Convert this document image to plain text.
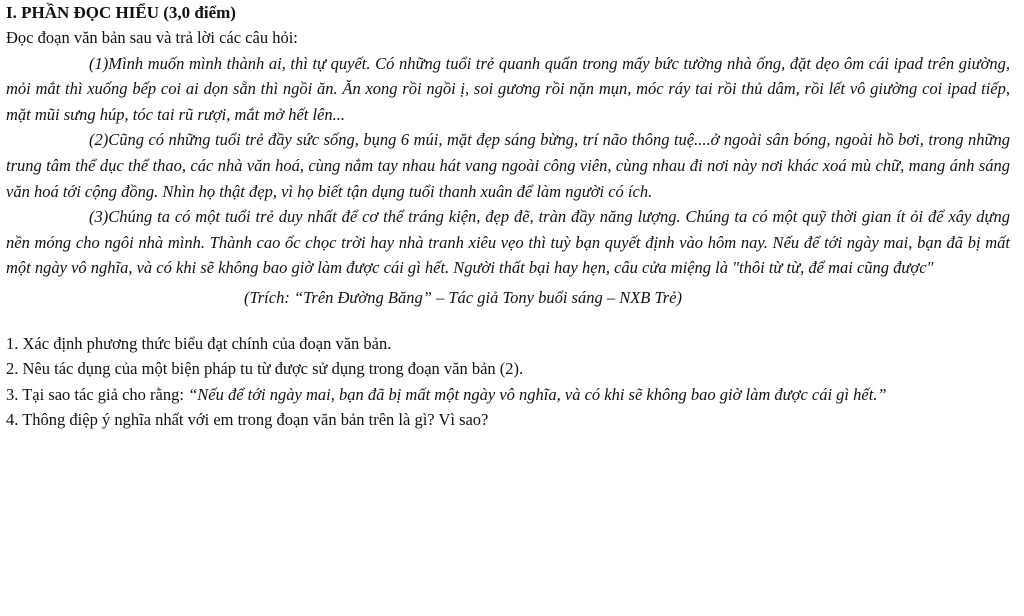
I. PHẦN ĐỌC HIỂU (3,0 điểm)

Đọc đoạn văn bản sau và trả lời các câu hỏi:

(1)Mình muốn mình thành ai, thì tự quyết. Có những tuổi trẻ quanh quẩn trong mấy bức tường nhà ống, đặt dẹo ôm cái ipad trên giường, mỏi mắt thì xuống bếp coi ai dọn sẵn thì ngồi ăn. Ăn xong rồi ngồi ị, soi gương rồi nặn mụn, móc ráy tai rồi thủ dâm, rồi lết vô giường coi ipad tiếp, mặt mũi sưng húp, tóc tai rũ rượi, mắt mở hết lên...

(2)Cũng có những tuổi trẻ đầy sức sống, bụng 6 múi, mặt đẹp sáng bừng, trí não thông tuệ....ở ngoài sân bóng, ngoài hồ bơi, trong những trung tâm thể dục thể thao, các nhà văn hoá, cùng nắm tay nhau hát vang ngoài công viên, cùng nhau đi nơi này nơi khác xoá mù chữ, mang ánh sáng văn hoá tới cộng đồng. Nhìn họ thật đẹp, vì họ biết tận dụng tuổi thanh xuân để làm người có ích.

(3)Chúng ta có một tuổi trẻ duy nhất để cơ thể tráng kiện, đẹp đẽ, tràn đầy năng lượng. Chúng ta có một quỹ thời gian ít ỏi để xây dựng nền móng cho ngôi nhà mình. Thành cao ốc chọc trời hay nhà tranh xiêu vẹo thì tuỳ bạn quyết định vào hôm nay. Nếu để tới ngày mai, bạn đã bị mất một ngày vô nghĩa, và có khi sẽ không bao giờ làm được cái gì hết. Người thất bại hay hẹn, câu cửa miệng là "thôi từ từ, để mai cũng được"

(Trích: “Trên Đường Băng” – Tác giả Tony buổi sáng – NXB Trẻ)

1. Xác định phương thức biểu đạt chính của đoạn văn bản.
2. Nêu tác dụng của một biện pháp tu từ được sử dụng trong đoạn văn bản (2).
3. Tại sao tác giả cho rằng: “Nếu để tới ngày mai, bạn đã bị mất một ngày vô nghĩa, và có khi sẽ không bao giờ làm được cái gì hết.”
4. Thông điệp ý nghĩa nhất với em trong đoạn văn bản trên là gì? Vì sao?
